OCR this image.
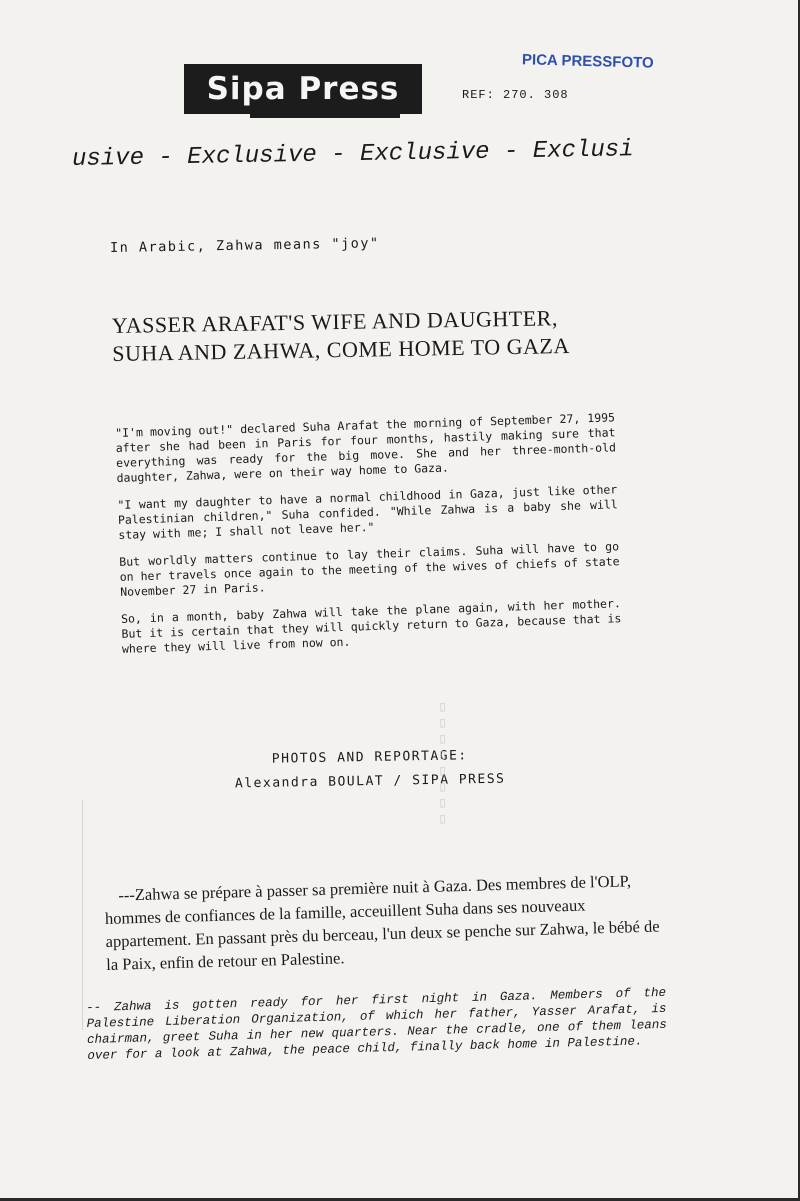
Sipa Press	REF: 270. 308
PICA PRESSFOTO
usive - Exclusive - Exclusive - Exclusi
In Arabic, Zahwa means "joy"
YASSER ARAFAT'S WIFE AND DAUGHTER,
SUHA AND ZAHWA, COME HOME TO GAZA

"I'm moving out!" declared Suha Arafat the morning of September 27, 1995 after she had been in Paris for four months, hastily making sure that everything was ready for the big move. She and her three-month-old daughter, Zahwa, were on their way home to Gaza.

"I want my daughter to have a normal childhood in Gaza, just like other Palestinian children," Suha confided. "While Zahwa is a baby she will stay with me; I shall not leave her."

But worldly matters continue to lay their claims. Suha will have to go on her travels once again to the meeting of the wives of chiefs of state November 27 in Paris.

So, in a month, baby Zahwa will take the plane again, with her mother. But it is certain that they will quickly return to Gaza, because that is where they will live from now on.

PHOTOS AND REPORTAGE:
Alexandra BOULAT / SIPA PRESS
▯▯▯▯▯▯▯▯

---Zahwa se prépare à passer sa première nuit à Gaza. Des membres de l'OLP, hommes de confiances de la famille, acceuillent Suha dans ses nouveaux appartement. En passant près du berceau, l'un deux se penche sur Zahwa, le bébé de la Paix, enfin de retour en Palestine.

-- Zahwa is gotten ready for her first night in Gaza. Members of the Palestine Liberation Organization, of which her father, Yasser Arafat, is chairman, greet Suha in her new quarters. Near the cradle, one of them leans over for a look at Zahwa, the peace child, finally back home in Palestine.
